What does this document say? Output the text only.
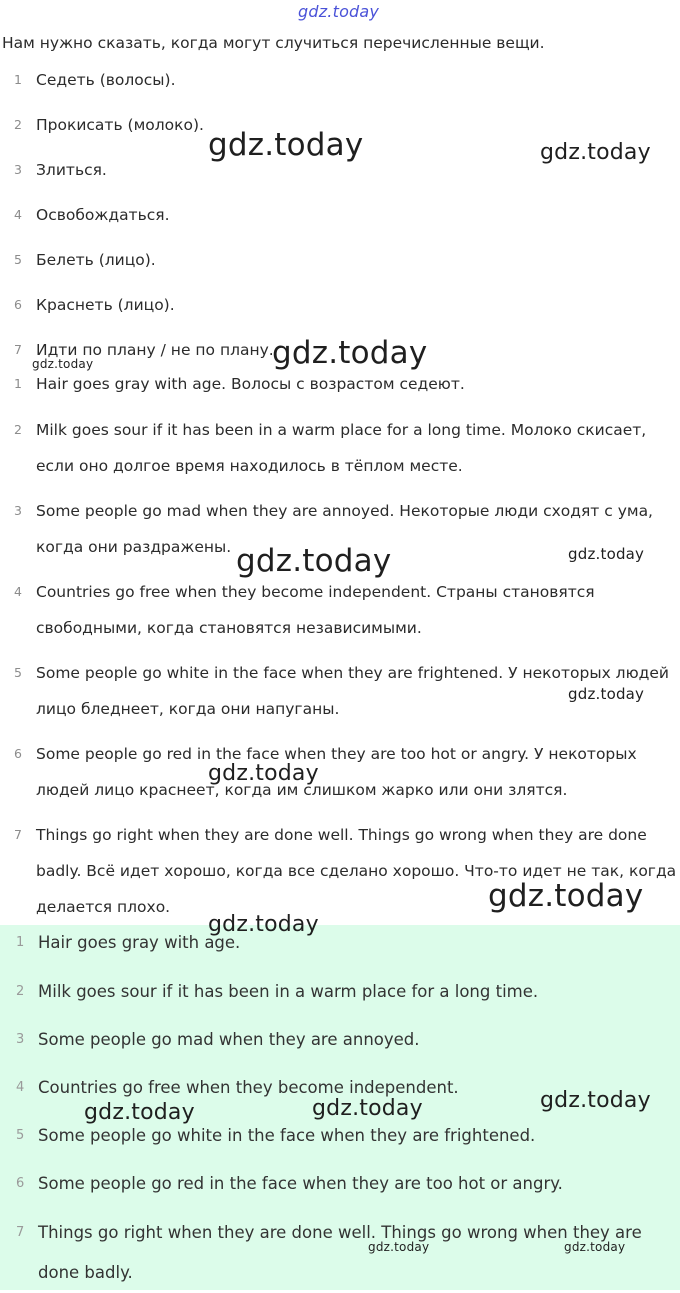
gdz.today
Нам нужно сказать, когда могут случиться перечисленные вещи.
1 Седеть (волосы).
2 Прокисать (молоко).
3 Злиться.
4 Освобождаться.
5 Белеть (лицо).
6 Краснеть (лицо).
7 Идти по плану / не по плану.
1 Hair goes gray with age. Волосы с возрастом седеют.
2 Milk goes sour if it has been in a warm place for a long time. Молоко скисает, если оно долгое время находилось в тёплом месте.
3 Some people go mad when they are annoyed. Некоторые люди сходят с ума, когда они раздражены.
4 Countries go free when they become independent. Страны становятся свободными, когда становятся независимыми.
5 Some people go white in the face when they are frightened. У некоторых людей лицо бледнеет, когда они напуганы.
6 Some people go red in the face when they are too hot or angry. У некоторых людей лицо краснеет, когда им слишком жарко или они злятся.
7 Things go right when they are done well. Things go wrong when they are done badly. Всё идет хорошо, когда все сделано хорошо. Что-то идет не так, когда делается плохо.
1 Hair goes gray with age.
2 Milk goes sour if it has been in a warm place for a long time.
3 Some people go mad when they are annoyed.
4 Countries go free when they become independent.
5 Some people go white in the face when they are frightened.
6 Some people go red in the face when they are too hot or angry.
7 Things go right when they are done well. Things go wrong when they are done badly.
gdz.today	gdz.today
gdz.today
gdz.today
gdz.today	gdz.today
gdz.today
gdz.today
gdz.today
gdz.today
gdz.today
gdz.today	gdz.today
gdz.today	gdz.today
